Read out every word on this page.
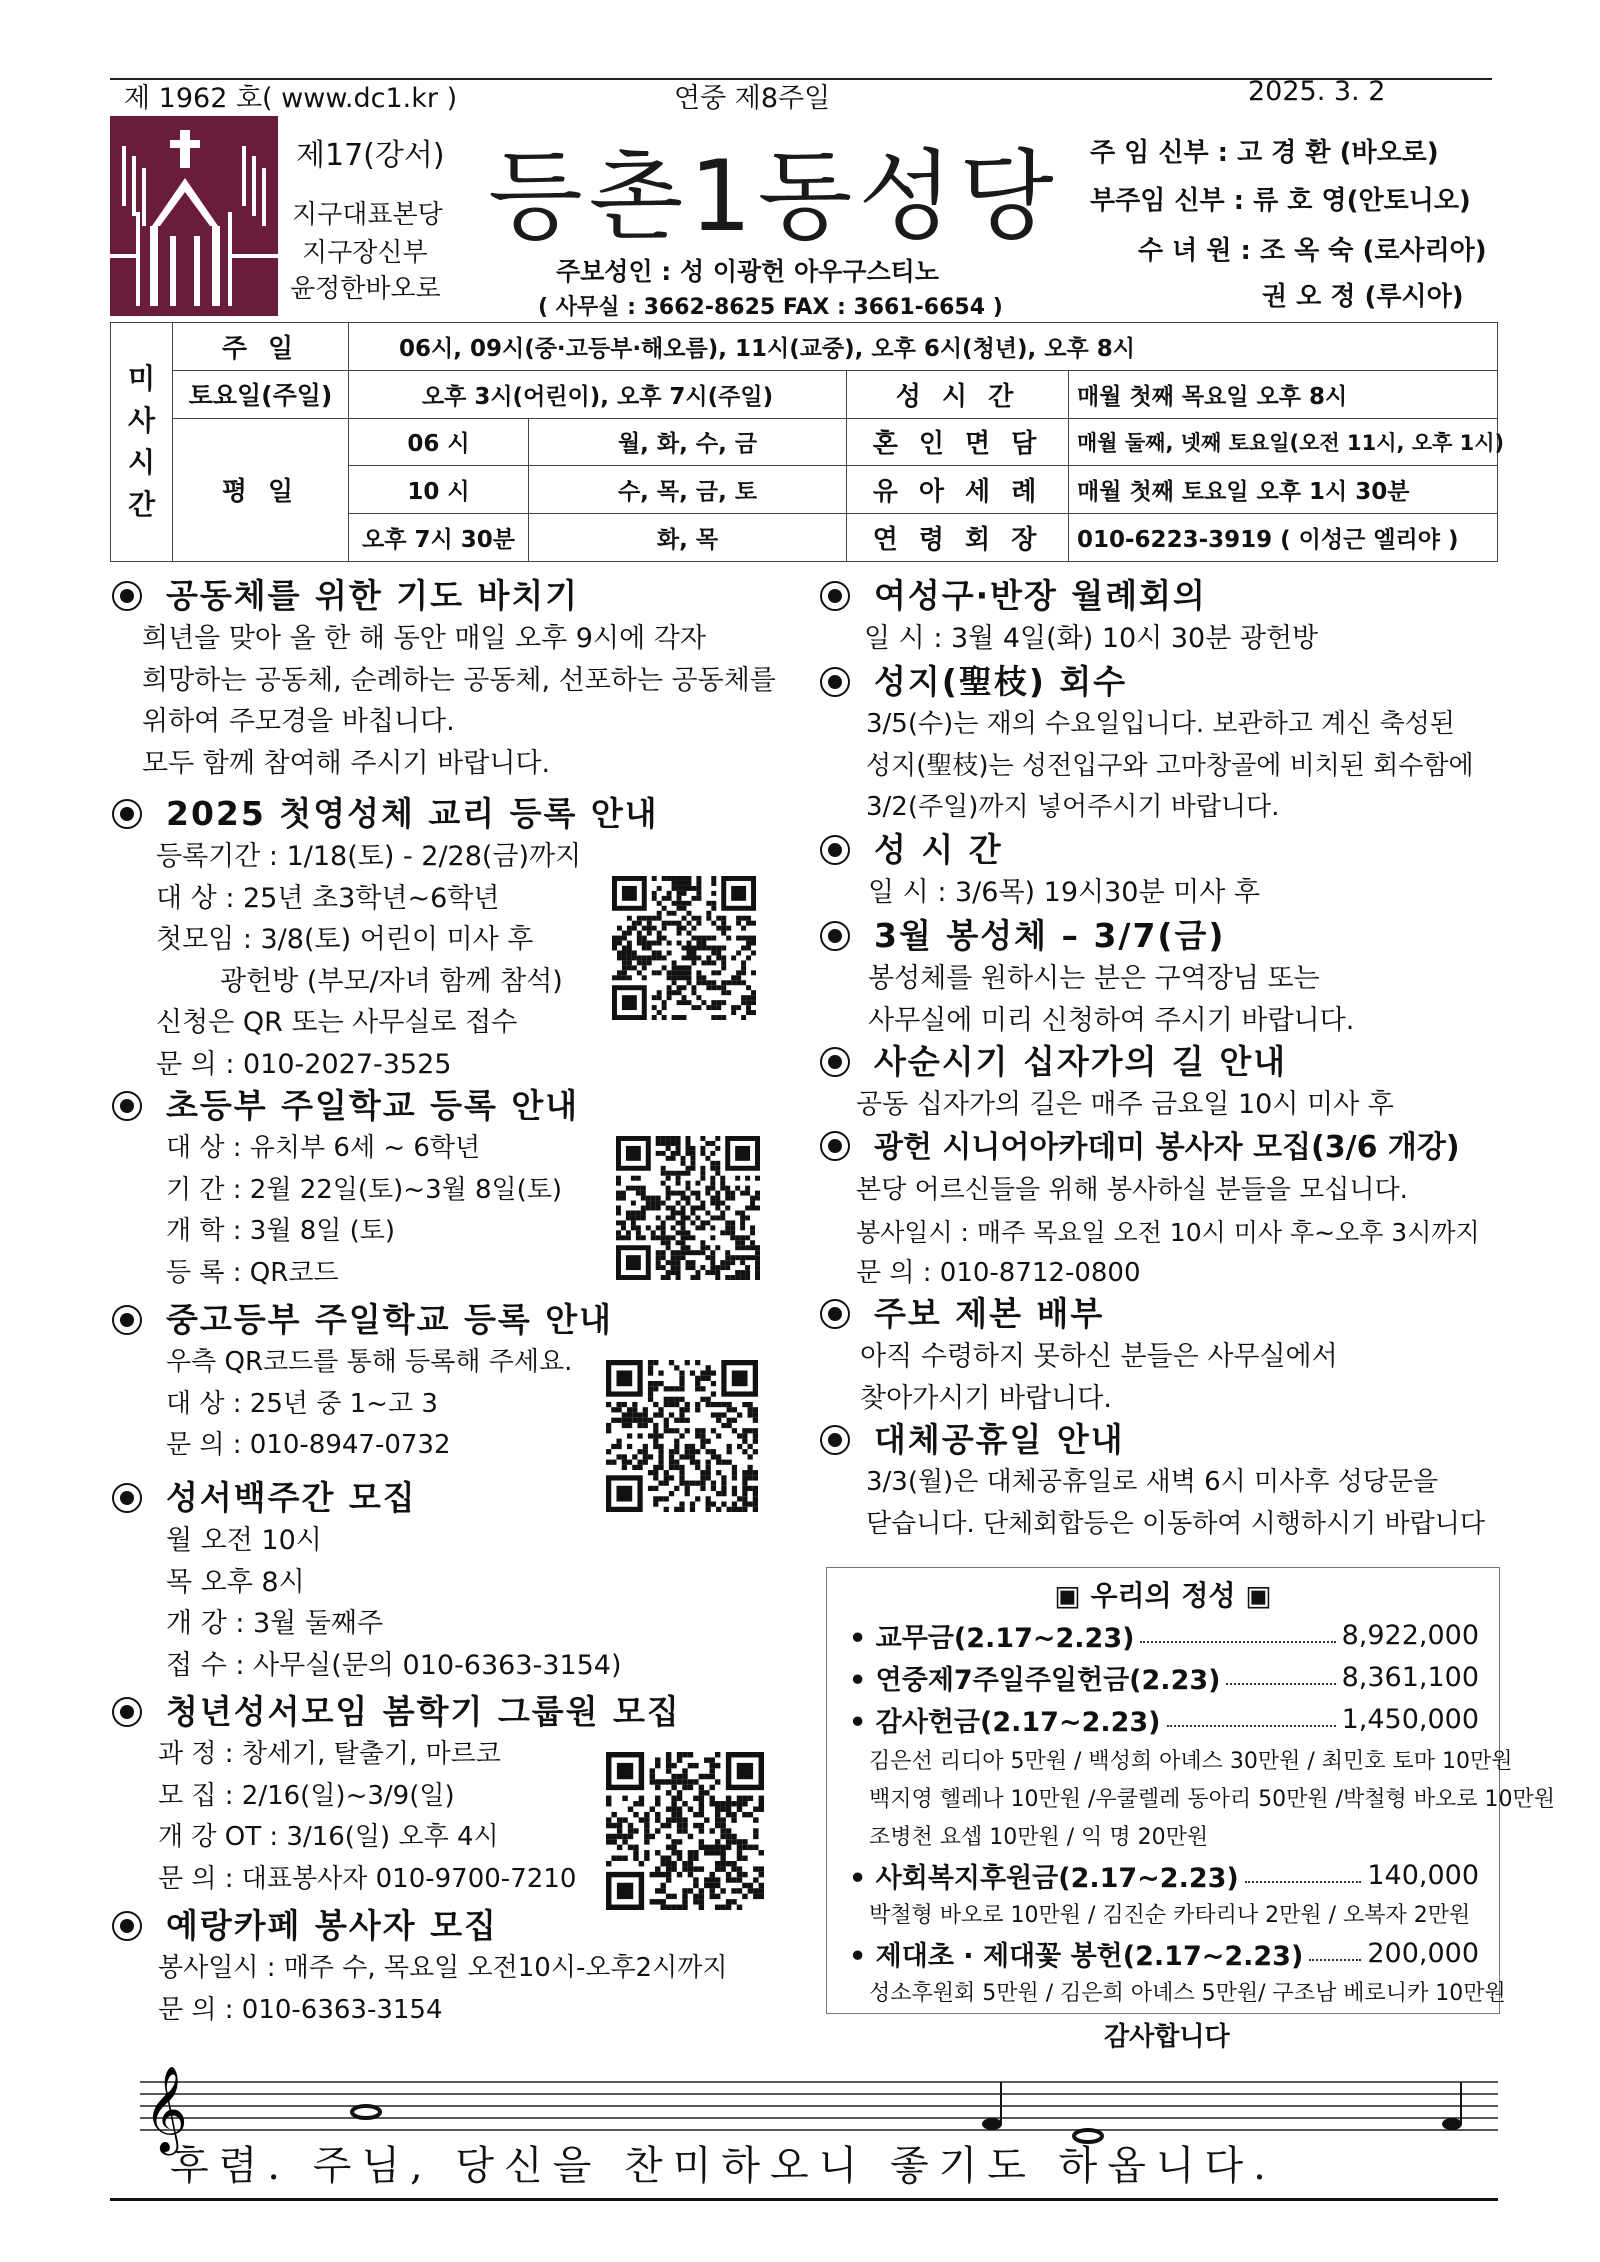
제 1962 호( www.dc1.kr )	연중 제8주일	2025. 3. 2
제17(강서)
지구대표본당
지구장신부
윤정한바오로
등촌1동성당
주보성인 : 성 이광헌 아우구스티노
( 사무실 : 3662-8625 FAX : 3661-6654 )
주 임 신부 : 고 경 환 (바오로)
부주임 신부 : 류 호 영(안토니오)
수 녀 원 : 조 옥 숙 (로사리아)
권 오 정 (루시아)
미사시간	주 일	06시, 09시(중·고등부·해오름), 11시(교중), 오후 6시(청년), 오후 8시			
	토요일(주일)	오후 3시(어린이), 오후 7시(주일)		성 시 간	매월 첫째 목요일 오후 8시
	평 일	06 시	월, 화, 수, 금	혼 인 면 담	매월 둘째, 넷째 토요일(오전 11시, 오후 1시)
		10 시	수, 목, 금, 토	유 아 세 례	매월 첫째 토요일 오후 1시 30분
		오후 7시 30분	화, 목	연 령 회 장	010-6223-3919 ( 이성근 엘리야 )
공동체를 위한 기도 바치기

희년을 맞아 올 한 해 동안 매일 오후 9시에 각자

희망하는 공동체, 순례하는 공동체, 선포하는 공동체를

위하여 주모경을 바칩니다.

모두 함께 참여해 주시기 바랍니다.

2025 첫영성체 교리 등록 안내

등록기간 : 1/18(토) - 2/28(금)까지

대 상 : 25년 초3학년~6학년

첫모임 : 3/8(토) 어린이 미사 후

광헌방 (부모/자녀 함께 참석)

신청은 QR 또는 사무실로 접수

문 의 : 010-2027-3525

초등부 주일학교 등록 안내

대 상 : 유치부 6세 ~ 6학년

기 간 : 2월 22일(토)~3월 8일(토)

개 학 : 3월 8일 (토)

등 록 : QR코드

중고등부 주일학교 등록 안내

우측 QR코드를 통해 등록해 주세요.

대 상 : 25년 중 1~고 3

문 의 : 010-8947-0732

성서백주간 모집

월 오전 10시

목 오후 8시

개 강 : 3월 둘째주

접 수 : 사무실(문의 010-6363-3154)

청년성서모임 봄학기 그룹원 모집

과 정 : 창세기, 탈출기, 마르코

모 집 : 2/16(일)~3/9(일)

개 강 OT : 3/16(일) 오후 4시

문 의 : 대표봉사자 010-9700-7210

예랑카페 봉사자 모집

봉사일시 : 매주 수, 목요일 오전10시-오후2시까지

문 의 : 010-6363-3154

여성구·반장 월례회의

일 시 : 3월 4일(화) 10시 30분 광헌방

성지(聖枝) 회수

3/5(수)는 재의 수요일입니다. 보관하고 계신 축성된

성지(聖枝)는 성전입구와 고마창골에 비치된 회수함에

3/2(주일)까지 넣어주시기 바랍니다.

성 시 간

일 시 : 3/6목) 19시30분 미사 후

3월 봉성체 – 3/7(금)

봉성체를 원하시는 분은 구역장님 또는

사무실에 미리 신청하여 주시기 바랍니다.

사순시기 십자가의 길 안내

공동 십자가의 길은 매주 금요일 10시 미사 후

광헌 시니어아카데미 봉사자 모집(3/6 개강)

본당 어르신들을 위해 봉사하실 분들을 모십니다.

봉사일시 : 매주 목요일 오전 10시 미사 후~오후 3시까지

문 의 : 010-8712-0800

주보 제본 배부

아직 수령하지 못하신 분들은 사무실에서

찾아가시기 바랍니다.

대체공휴일 안내

3/3(월)은 대체공휴일로 새벽 6시 미사후 성당문을

닫습니다. 단체회합등은 이동하여 시행하시기 바랍니다

▣ 우리의 정성 ▣
• 교무금(2.17~2.23)	8,922,000
• 연중제7주일주일헌금(2.23)	8,361,100
• 감사헌금(2.17~2.23)	1,450,000
김은선 리디아 5만원 / 백성희 아녜스 30만원 / 최민호 토마 10만원
백지영 헬레나 10만원 /우쿨렐레 동아리 50만원 /박철형 바오로 10만원
조병천 요셉 10만원 / 익 명 20만원
• 사회복지후원금(2.17~2.23)	140,000
박철형 바오로 10만원 / 김진순 카타리나 2만원 / 오복자 2만원
• 제대초 · 제대꽃 봉헌(2.17~2.23) 200,000
성소후원회 5만원 / 김은희 아녜스 5만원/ 구조남 베로니카 10만원
감사합니다
𝄞
후렴. 주님, 당신을 찬미하오니 좋기도 하옵니다.
